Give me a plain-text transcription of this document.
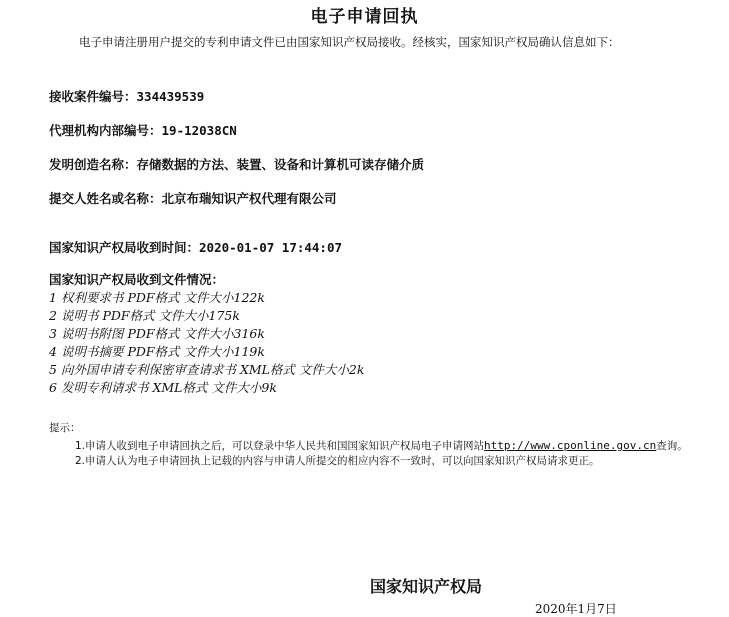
电子申请回执
电子申请注册用户提交的专利申请文件已由国家知识产权局接收。经核实，国家知识产权局确认信息如下：
接收案件编号：334439539
代理机构内部编号：19-12038CN
发明创造名称：存储数据的方法、装置、设备和计算机可读存储介质
提交人姓名或名称：北京布瑞知识产权代理有限公司
国家知识产权局收到时间：2020-01-07 17:44:07
国家知识产权局收到文件情况：
1 权利要求书 PDF格式 文件大小122k
2 说明书 PDF格式 文件大小175k
3 说明书附图 PDF格式 文件大小316k
4 说明书摘要 PDF格式 文件大小119k
5 向外国申请专利保密审查请求书 XML格式 文件大小2k
6 发明专利请求书 XML格式 文件大小9k
提示：

1.申请人收到电子申请回执之后，可以登录中华人民共和国国家知识产权局电子申请网站http://www.cponline.gov.cn查询。

2.申请人认为电子申请回执上记载的内容与申请人所提交的相应内容不一致时，可以向国家知识产权局请求更正。

国家知识产权局
2020年1月7日
